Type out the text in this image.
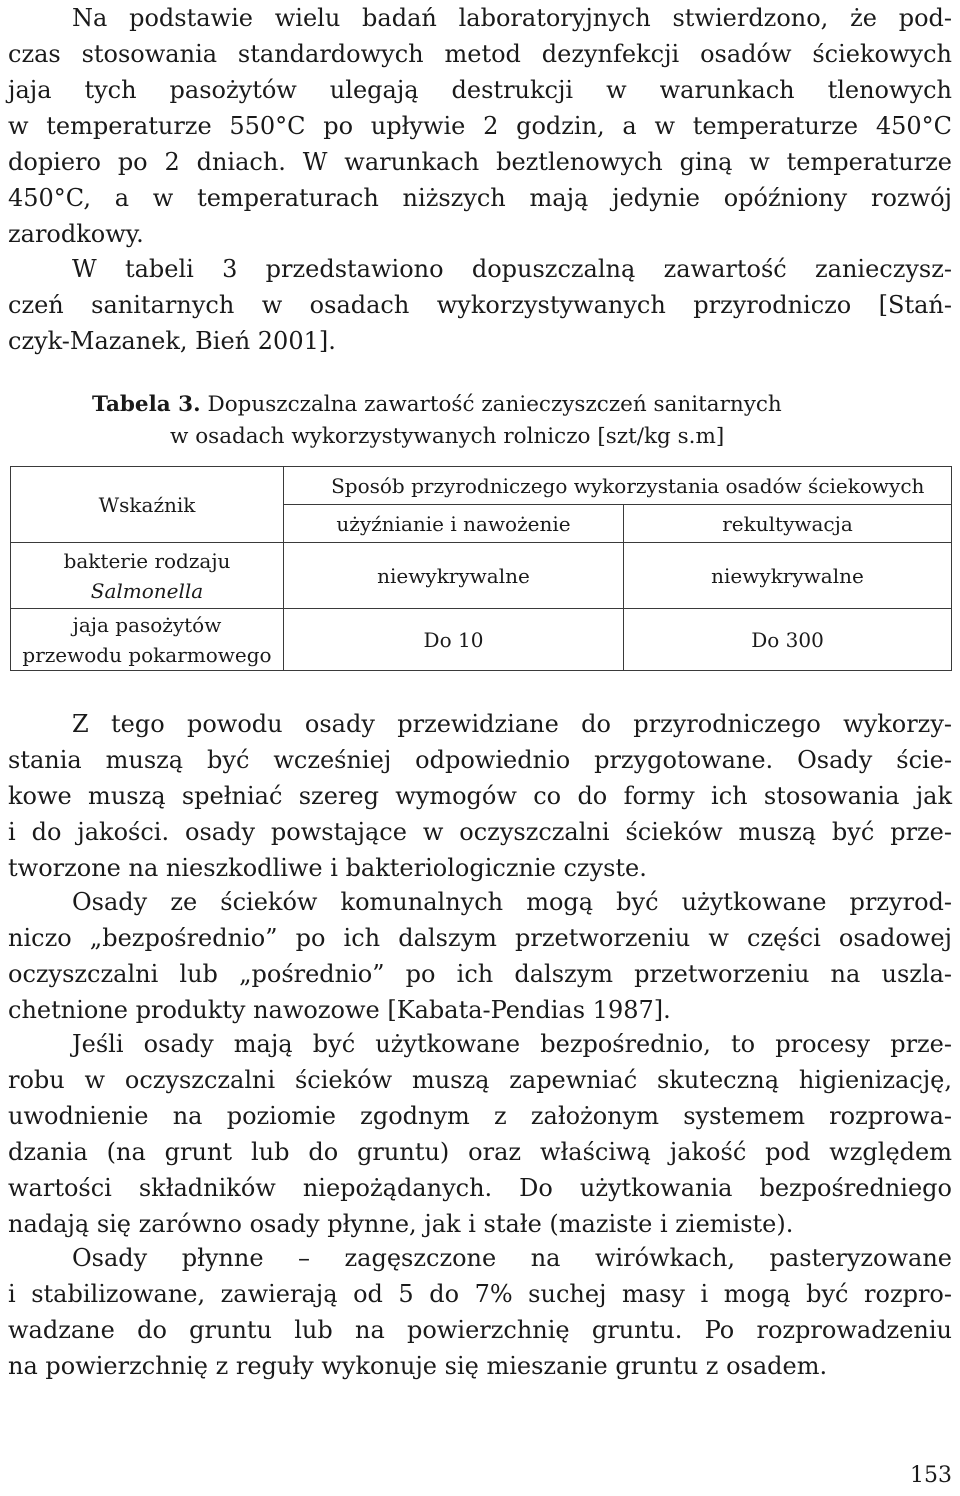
Na podstawie wielu badań laboratoryjnych stwierdzono, że pod-
czas stosowania standardowych metod dezynfekcji osadów ściekowych
jaja tych pasożytów ulegają destrukcji w warunkach tlenowych
w temperaturze 550°C po upływie 2 godzin, a w temperaturze 450°C
dopiero po 2 dniach. W warunkach beztlenowych giną w temperaturze
450°C, a w temperaturach niższych mają jedynie opóźniony rozwój
zarodkowy.
W tabeli 3 przedstawiono dopuszczalną zawartość zanieczysz-
czeń sanitarnych w osadach wykorzystywanych przyrodniczo [Stań-
czyk-Mazanek, Bień 2001].
Tabela 3. Dopuszczalna zawartość zanieczyszczeń sanitarnych
w osadach wykorzystywanych rolniczo [szt/kg s.m]
Wskaźnik		Sposób przyrodniczego wykorzystania osadów ściekowych	
	użyźnianie i nawożenie		rekultywacja

bakterie rodzaju
Salmonella	niewykrywalne		niewykrywalne

jaja pasożytów
przewodu pokarmowego	Do 10		Do 300
Z tego powodu osady przewidziane do przyrodniczego wykorzy-
stania muszą być wcześniej odpowiednio przygotowane. Osady ście-
kowe muszą spełniać szereg wymogów co do formy ich stosowania jak
i do jakości. osady powstające w oczyszczalni ścieków muszą być prze-
tworzone na nieszkodliwe i bakteriologicznie czyste.
Osady ze ścieków komunalnych mogą być użytkowane przyrod-
niczo „bezpośrednio” po ich dalszym przetworzeniu w części osadowej
oczyszczalni lub „pośrednio” po ich dalszym przetworzeniu na uszla-
chetnione produkty nawozowe [Kabata-Pendias 1987].
Jeśli osady mają być użytkowane bezpośrednio, to procesy prze-
robu w oczyszczalni ścieków muszą zapewniać skuteczną higienizację,
uwodnienie na poziomie zgodnym z założonym systemem rozprowa-
dzania (na grunt lub do gruntu) oraz właściwą jakość pod względem
wartości składników niepożądanych. Do użytkowania bezpośredniego
nadają się zarówno osady płynne, jak i stałe (maziste i ziemiste).
Osady płynne – zagęszczone na wirówkach, pasteryzowane
i stabilizowane, zawierają od 5 do 7% suchej masy i mogą być rozpro-
wadzane do gruntu lub na powierzchnię gruntu. Po rozprowadzeniu
na powierzchnię z reguły wykonuje się mieszanie gruntu z osadem.
153
